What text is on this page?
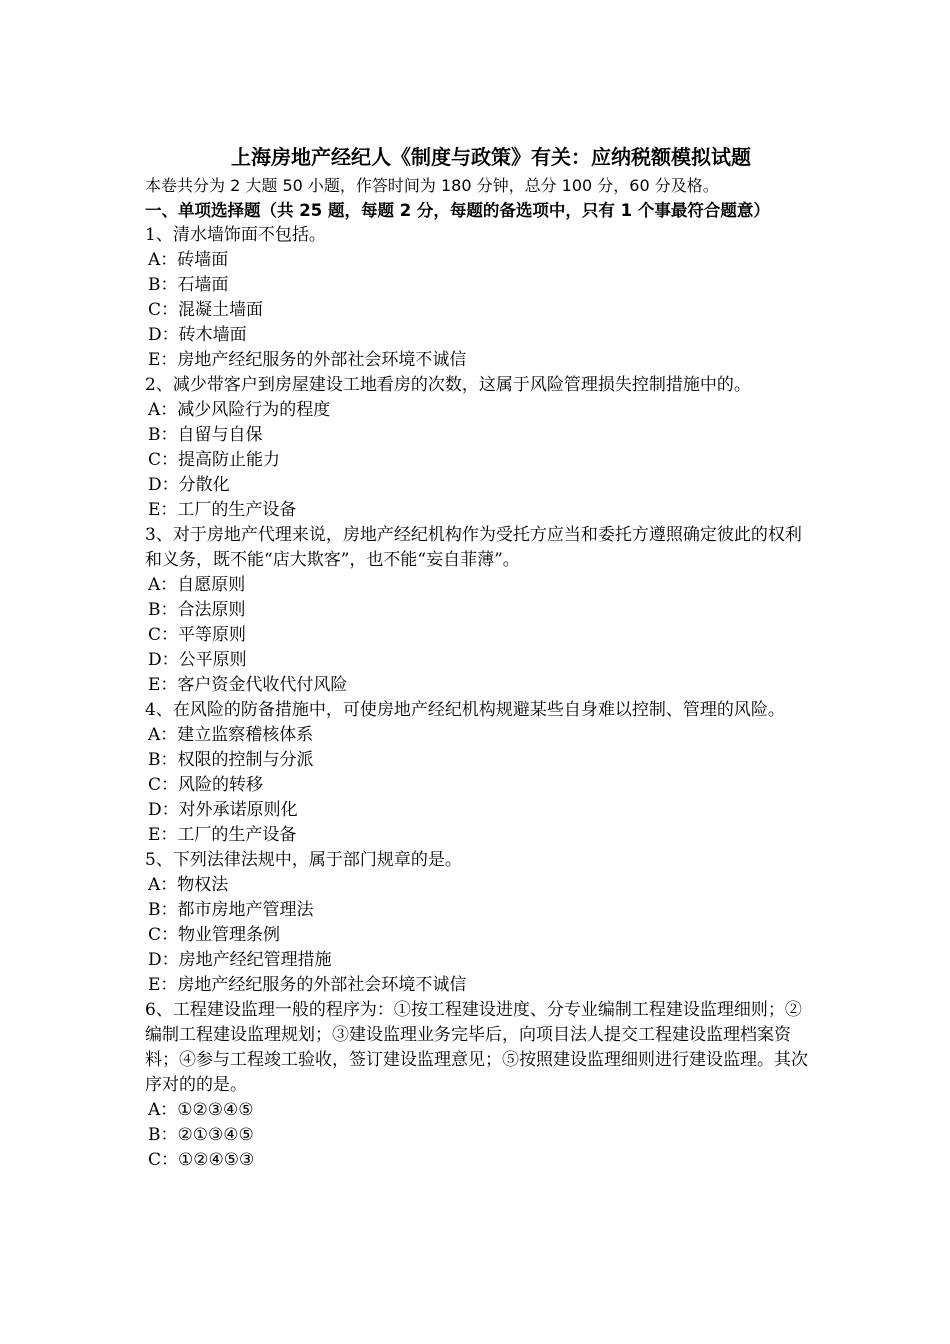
上海房地产经纪人《制度与政策》有关：应纳税额模拟试题

本卷共分为 2 大题 50 小题，作答时间为 180 分钟，总分 100 分，60 分及格。

一、单项选择题（共 25 题，每题 2 分，每题的备选项中，只有 1 个事最符合题意）

1、清水墙饰面不包括。

A：砖墙面

B：石墙面

C：混凝土墙面

D：砖木墙面

E：房地产经纪服务的外部社会环境不诚信

2、减少带客户到房屋建设工地看房的次数，这属于风险管理损失控制措施中的。

A：减少风险行为的程度

B：自留与自保

C：提高防止能力

D：分散化

E：工厂的生产设备

3、对于房地产代理来说，房地产经纪机构作为受托方应当和委托方遵照确定彼此的权利和义务，既不能“店大欺客”，也不能“妄自菲薄”。

A：自愿原则

B：合法原则

C：平等原则

D：公平原则

E：客户资金代收代付风险

4、在风险的防备措施中，可使房地产经纪机构规避某些自身难以控制、管理的风险。

A：建立监察稽核体系

B：权限的控制与分派

C：风险的转移

D：对外承诺原则化

E：工厂的生产设备

5、下列法律法规中，属于部门规章的是。

A：物权法

B：都市房地产管理法

C：物业管理条例

D：房地产经纪管理措施

E：房地产经纪服务的外部社会环境不诚信

6、工程建设监理一般的程序为：①按工程建设进度、分专业编制工程建设监理细则；②编制工程建设监理规划；③建设监理业务完毕后，向项目法人提交工程建设监理档案资料；④参与工程竣工验收，签订建设监理意见；⑤按照建设监理细则进行建设监理。其次序对的的是。

A：①②③④⑤

B：②①③④⑤

C：①②④⑤③
